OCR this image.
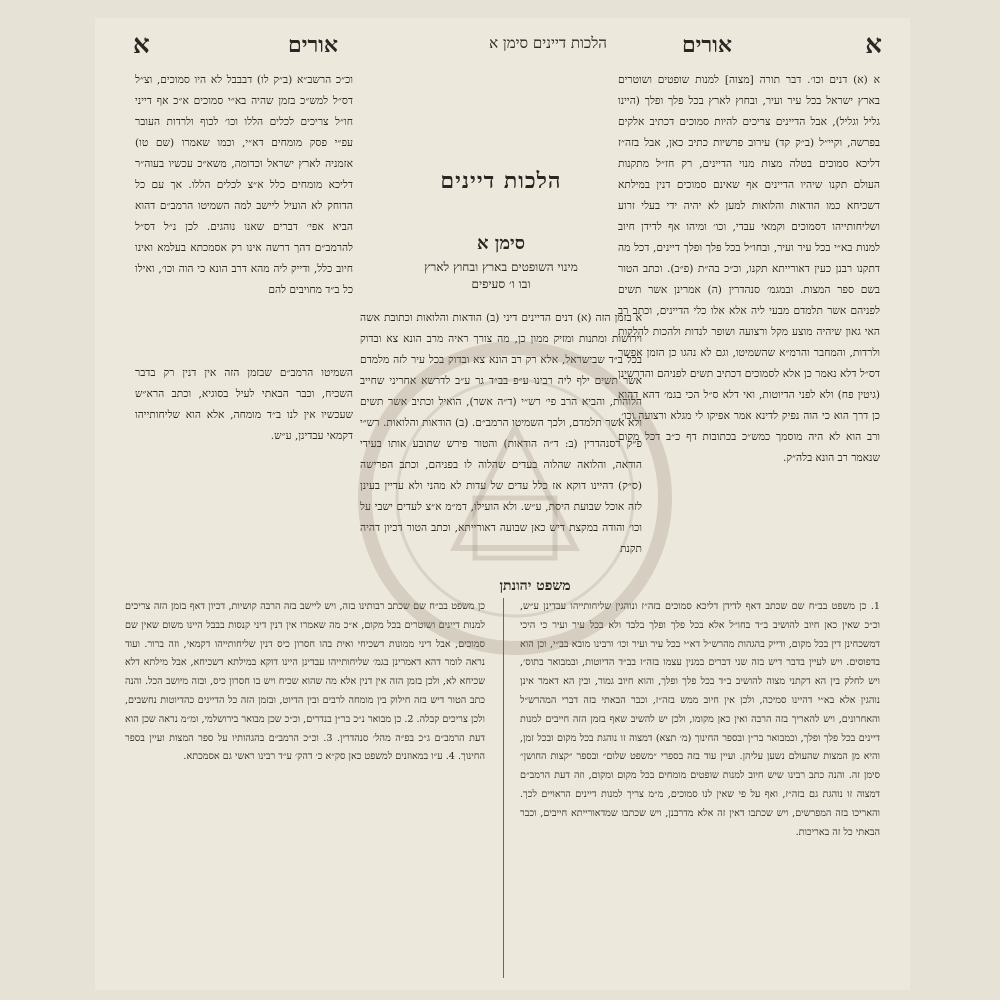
א
אורים
הלכות דיינים סימן א
אורים
א

א (א) דנים וכו׳. דבר תורה [מצוה] למנות שופטים ושוטרים בארץ ישראל בכל עיר ועיר, ובחוץ לארץ בכל פלך ופלך (היינו גליל וגליל), אבל הדיינים צריכים להיות סמוכים דכתיב אלקים בפרשה, וקיי״ל (ב״ק קד) עירוב פרשיות כתיב כאן, אבל בזה״ז דליכא סמוכים בטלה מצות מנוי הדיינים, רק חז״ל מתקנות העולם תקנו שיהיו הדיינים אף שאינם סמוכים דנין במילתא דשכיחא כמו הודאות והלואות למען לא יהיה ידי בעלי זרוע ושליחותייהו דסמוכים וקמאי עבדי, וכו׳ ומיהו אף לדידן חיוב למנות בא״י בכל עיר ועיר, ובחו״ל בכל פלך ופלך דיינים, דכל מה דתקנו רבנן כעין דאורייתא תקנו, וכ״כ בה״ת (פ״ב). וכתב הטור בשם ספר המצות. ובמגמ׳ סנהדרין (ה) אמרינן אשר תשים לפניהם אשר תלמדם מבעי ליה אלא אלו כלי הדיינים, וכתב רב האי גאון שיהיה מוצע מקל ורצועה ושופר לנדות ולהכות להלקות ולרדות, והמחבר והרמ״א שהשמיטו, וגם לא נהגו כן הזמן אפשר דס״ל דלא נאמר כן אלא לסמוכים דכתיב תשים לפניהם והדרשינן (גיטין פח) ולא לפני הדיוטות, ואי דלא ס״ל הכי בגמ׳ דהא דהוא כן דרך הוא כי הוה נפיק לדינא אמר אפיקו לי מגלא ורצועה וכו׳, ורב הוא לא היה מוסמך כמש״כ בכתובות דף כ״ב דכל מקום שנאמר רב הונא בלה״ק.

וכ״כ הרשב״א (ב״ק לו) דבבבל לא היו סמוכים, וצ״ל דס״ל למש״כ בזמן שהיה בא״י סמוכים א״כ אף דייני חו״ל צריכים לכלים הללו וכו׳ לכוף ולרדות העובר עפ״י פסק מומחים דא״י, וכמו שאמרו (שם טו) אזמניה לארץ ישראל וכדומה, משא״כ עכשיו בעוה״ר דליכא מומחים כלל א״צ לכלים הללו. אך עם כל הדוחק לא הועיל ליישב למה השמיטו הרמב״ם דהוא הביא אפי׳ דברים שאנו נוהגים. לכן נ״ל דס״ל להרמב״ם דהך דרשה אינו רק אסמכתא בעלמא ואינו חיוב כלל, ודייק ליה מהא דרב הונא כי הוה וכו׳, ואילו כל ב״ד מחויבים להם

הלכות דיינים
סימן א
מינוי השופטים בארץ ובחוץ לארץ
ובו ו׳ סעיפים

א בזמן הזה (א) דנים הדיינים דיני (ב) הודאות והלואות וכתובת אשה וירושות ומתנות ומזיק ממון כן, מה צורך ראיה מרב הונא צא ובדוק בכל ב״ד שבישראל, אלא רק רב הונא צא ובדוק בכל עיר לזה מלמדם אשר תשים ילף ליה רבינו ע״פ בב״ד גר ע״ב לדרשא אחריני שחייב הלוהות, והביא הרב פי׳ רש״י (ד״ה אשר), הואיל וכתיב אשר תשים ולא אשר תלמדם, ולכך השמיטו הרמב״ם. (ב) הודאות והלואות. רש״י פ״ק דסנהדרין (ב: ד״ה הודאות) והטור פירש שתובע אותו בעידי הודאה, והלואה שהלוה בעדים שהלוה לו בפניהם, וכתב הפרישה (ס״ק) דהיינו דוקא אז כלל עדים של עדות לא מהני ולא עדיין בעינן לזה אוכל שבועת היסת, ע״ש. ולא הועילו, דמ״מ א״צ לעדים ישבי על וכו׳ והודה במקצת דיש כאן שבועה דאורייתא, וכתב הטור דכיון דהיה תקנת

השמיטו הרמב״ם שבזמן הזה אין דנין רק בדבר השכיח, וכבר הבאתי לעיל בסוגיא, וכתב הרא״ש שעכשיו אין לנו ב״ד מומחה, אלא הוא שליחותייהו דקמאי עבדינן, ע״ש.

משפט יהונתן

1. כן משפט בב״ח שם שכתב דאף לדידן דליכא סמוכים בזה״ז ונוהגין שליחותייהו עבדינן ע״ש, וכ״כ שאין כאן חיוב להושיב ב״ד בחו״ל אלא בכל פלך ופלך בלבד ולא בכל עיר ועיר כי היכי דמשכחינן דין בכל מקום, ודייק בהגהות מהרש״ל דא״י בכל עיר ועיר וכו׳ ורבינו מובא בב״י, וכן הוא בדפוסים. ויש לעיין בדבר דיש בזה שני דברים במנין עצמו בזה״ז בב״ד הדיוטות, ובמבואר בתוס׳, ויש לחלק בין הא דקתני מצוה להושיב ב״ד בכל פלך ופלך, והוא חיוב גמור, ובין הא דאמר אינן נוהגין אלא בא״י דהיינו סמיכה, ולכן אין חיוב ממש בזה״ז, וכבר הבאתי בזה דברי המהרש״ל והאחרונים, ויש להאריך בזה הרבה ואין כאן מקומו, ולכן יש להשיב שאף בזמן הזה חייבים למנות דיינים בכל פלך ופלך, וכמבואר בר״ן ובספר החינוך (מ׳ תצא) דמצוה זו נוהגת בכל מקום ובכל זמן, והיא מן המצות שהעולם נשען עליהן. ועיין עוד בזה בספרי ״משפט שלום״ ובספר ״קצות החושן״ סימן זה. והנה כתב רבינו שיש חיוב למנות שופטים מומחים בכל מקום ומקום, וזה דעת הרמב״ם דמצוה זו נוהגת גם בזה״ז, ואף על פי שאין לנו סמוכים, מ״מ צריך למנות דיינים הראויים לכך. והאריכו בזה המפרשים, ויש שכתבו דאין זה אלא מדרבנן, ויש שכתבו שמדאורייתא חייבים, וכבר הבאתי כל זה באריכות.

כן משפט בב״ח שם שכתב רבותינו בזה, ויש ליישב בזה הרבה קושיות, דכיון דאף בזמן הזה צריכים למנות דיינים ושוטרים בכל מקום, א״כ מה שאמרו אין דנין דיני קנסות בבבל היינו משום שאין שם סמוכים, אבל דיני ממונות דשכיחי ואית בהו חסרון כיס דנין שליחותייהו דקמאי, וזה ברור. ועוד נראה לומר דהא דאמרינן בגמ׳ שליחותייהו עבדינן היינו דוקא במילתא דשכיחא, אבל מילתא דלא שכיחא לא, ולכן בזמן הזה אין דנין אלא מה שהוא שכיח ויש בו חסרון כיס, ובזה מיושב הכל. והנה כתב הטור דיש בזה חילוק בין מומחה לרבים ובין הדיוט, ובזמן הזה כל הדיינים כהדיוטות נחשבים, ולכן צריכים קבלה. 2. כן מבואר נ״כ בר״ן בנדרים, וכ״כ שכן מבואר בירושלמי, ומ״מ נראה שכן הוא דעת הרמב״ם ג״כ בפ״ה מהל׳ סנהדרין. 3. וכ״כ הרמב״ם בהגהותיו על ספר המצות ועיין בספר החינוך. 4. ע״ו במאוזנים למשפט כאן סק״א כ׳ דהק׳ ע״ד רבינו ראשי גם אסמכתא.
